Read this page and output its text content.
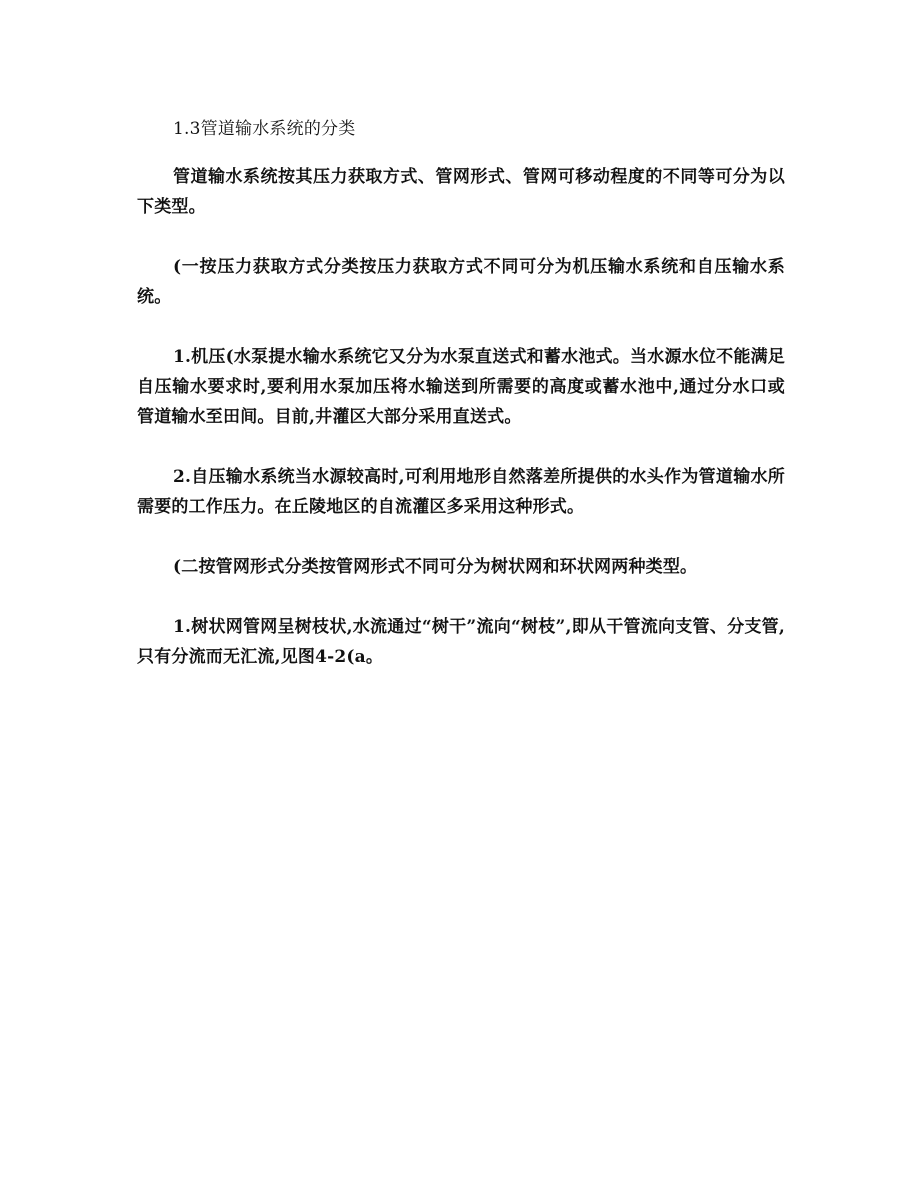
1.3管道输水系统的分类

管道输水系统按其压力获取方式、管网形式、管网可移动程度的不同等可分为以下类型。

(一按压力获取方式分类按压力获取方式不同可分为机压输水系统和自压输水系统。

1.机压(水泵提水输水系统它又分为水泵直送式和蓄水池式。当水源水位不能满足自压输水要求时,要利用水泵加压将水输送到所需要的高度或蓄水池中,通过分水口或管道输水至田间。目前,井灌区大部分采用直送式。

2.自压输水系统当水源较高时,可利用地形自然落差所提供的水头作为管道输水所需要的工作压力。在丘陵地区的自流灌区多采用这种形式。

(二按管网形式分类按管网形式不同可分为树状网和环状网两种类型。

1.树状网管网呈树枝状,水流通过“树干”流向“树枝”,即从干管流向支管、分支管,只有分流而无汇流,见图4-2(a。
